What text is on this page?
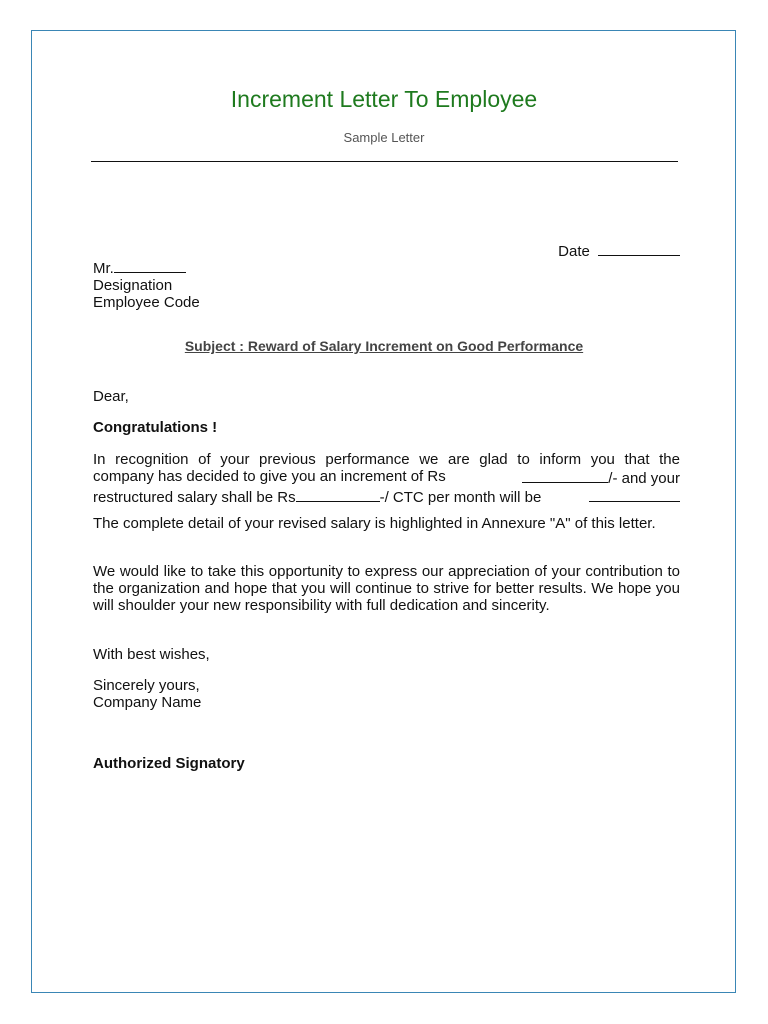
Increment Letter To Employee
Sample Letter
Date
Mr.
Designation
Employee Code
Subject : Reward of Salary Increment on Good Performance
Dear,
Congratulations !
In recognition of your previous performance we are glad to inform you that the
company has decided to give you an increment of Rs	/- and your
restructured salary shall be Rs	-/ CTC per month will be
The complete detail of your revised salary is highlighted in Annexure "A" of this letter.
We would like to take this opportunity to express our appreciation of your contribution to the organization and hope that you will continue to strive for better results. We hope you will shoulder your new responsibility with full dedication and sincerity.
With best wishes,
Sincerely yours,
Company Name
Authorized Signatory
